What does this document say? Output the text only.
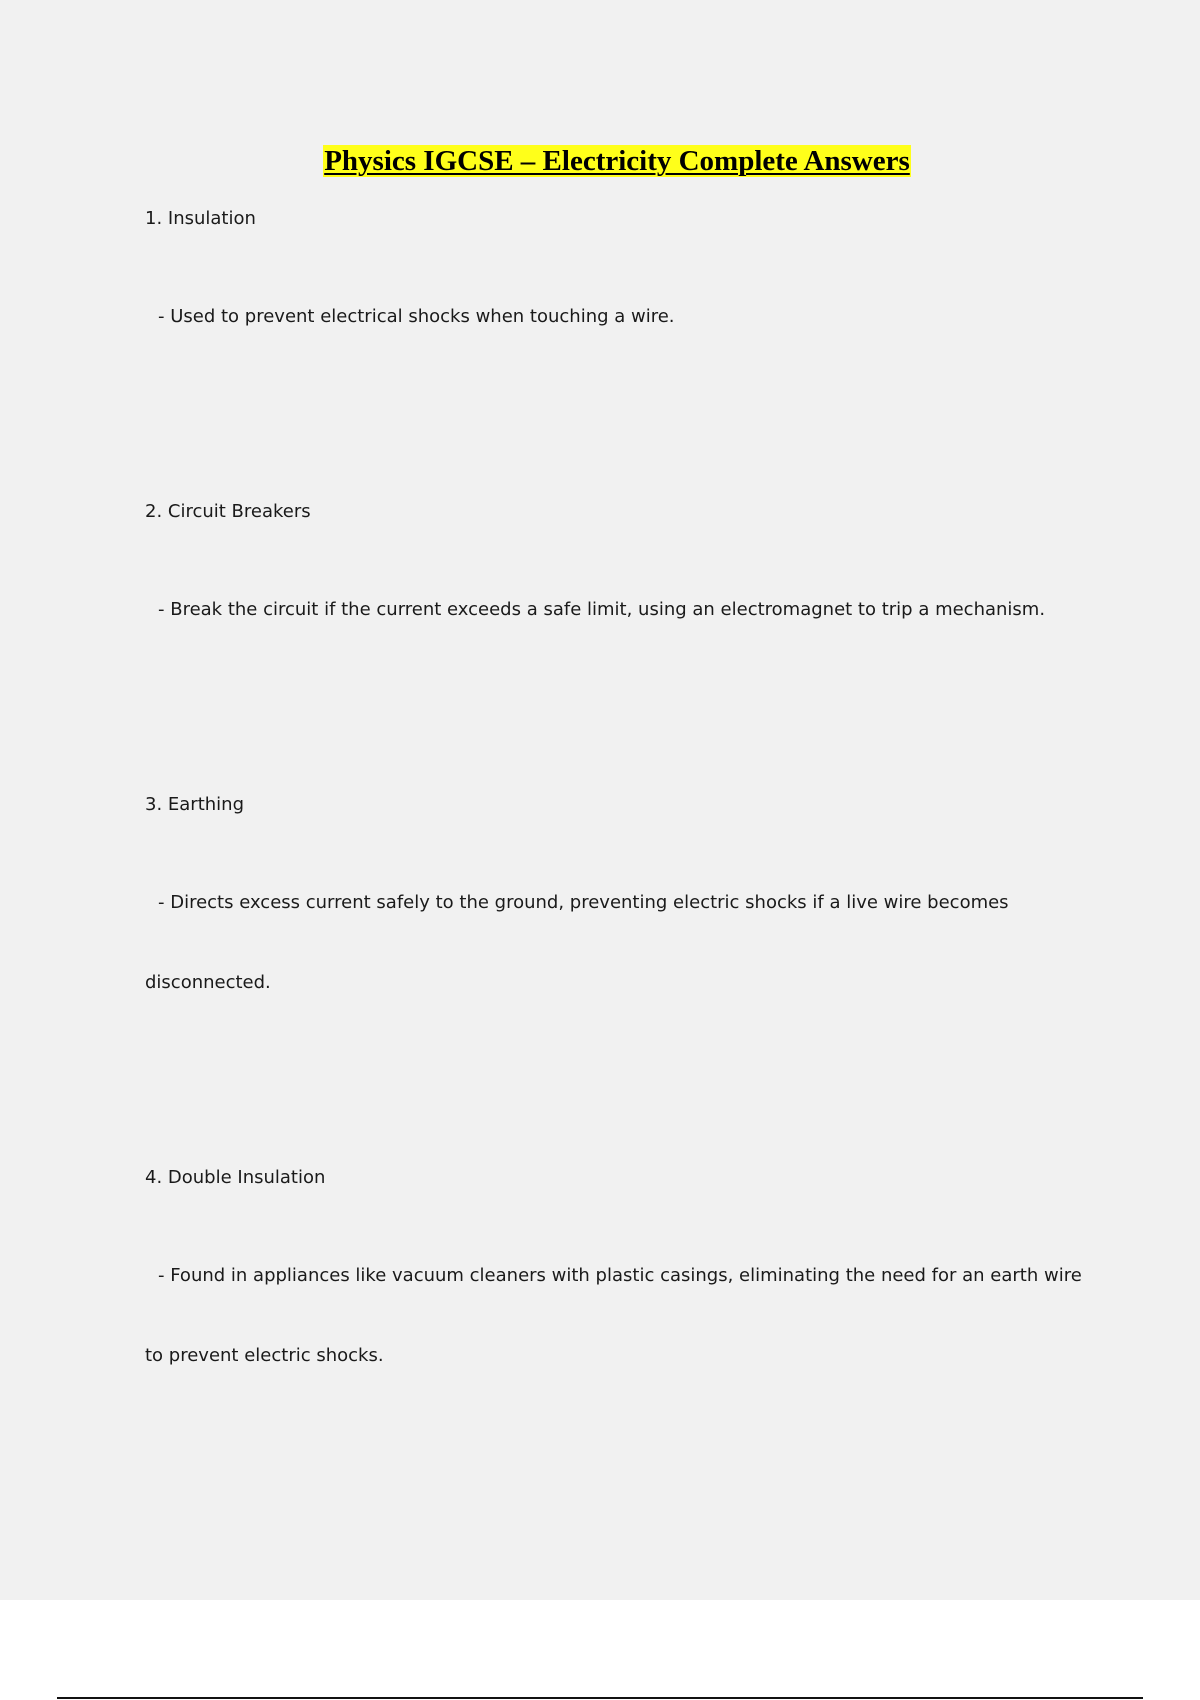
Physics IGCSE – Electricity Complete Answers

1. Insulation

- Used to prevent electrical shocks when touching a wire.

2. Circuit Breakers

- Break the circuit if the current exceeds a safe limit, using an electromagnet to trip a mechanism.

3. Earthing

- Directs excess current safely to the ground, preventing electric shocks if a live wire becomes

disconnected.

4. Double Insulation

- Found in appliances like vacuum cleaners with plastic casings, eliminating the need for an earth wire

to prevent electric shocks.
